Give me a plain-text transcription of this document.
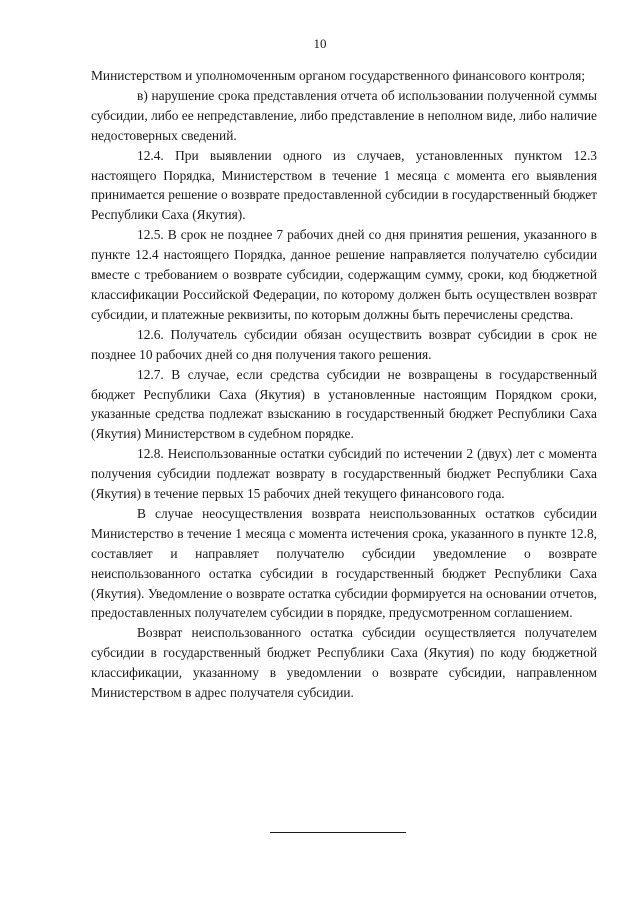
10

Министерством и уполномоченным органом государственного финансового контроля;

в) нарушение срока представления отчета об использовании полученной суммы субсидии, либо ее непредставление, либо представление в неполном виде, либо наличие недостоверных сведений.

12.4. При выявлении одного из случаев, установленных пунктом 12.3 настоящего Порядка, Министерством в течение 1 месяца с момента его выявления принимается решение о возврате предоставленной субсидии в государственный бюджет Республики Саха (Якутия).

12.5. В срок не позднее 7 рабочих дней со дня принятия решения, указанного в пункте 12.4 настоящего Порядка, данное решение направляется получателю субсидии вместе с требованием о возврате субсидии, содержащим сумму, сроки, код бюджетной классификации Российской Федерации, по которому должен быть осуществлен возврат субсидии, и платежные реквизиты, по которым должны быть перечислены средства.

12.6. Получатель субсидии обязан осуществить возврат субсидии в срок не позднее 10 рабочих дней со дня получения такого решения.

12.7. В случае, если средства субсидии не возвращены в государственный бюджет Республики Саха (Якутия) в установленные настоящим Порядком сроки, указанные средства подлежат взысканию в государственный бюджет Республики Саха (Якутия) Министерством в судебном порядке.

12.8. Неиспользованные остатки субсидий по истечении 2 (двух) лет с момента получения субсидии подлежат возврату в государственный бюджет Республики Саха (Якутия) в течение первых 15 рабочих дней текущего финансового года.

В случае неосуществления возврата неиспользованных остатков субсидии Министерство в течение 1 месяца с момента истечения срока, указанного в пункте 12.8, составляет и направляет получателю субсидии уведомление о возврате неиспользованного остатка субсидии в государственный бюджет Республики Саха (Якутия). Уведомление о возврате остатка субсидии формируется на основании отчетов, предоставленных получателем субсидии в порядке, предусмотренном соглашением.

Возврат неиспользованного остатка субсидии осуществляется получателем субсидии в государственный бюджет Республики Саха (Якутия) по коду бюджетной классификации, указанному в уведомлении о возврате субсидии, направленном Министерством в адрес получателя субсидии.
